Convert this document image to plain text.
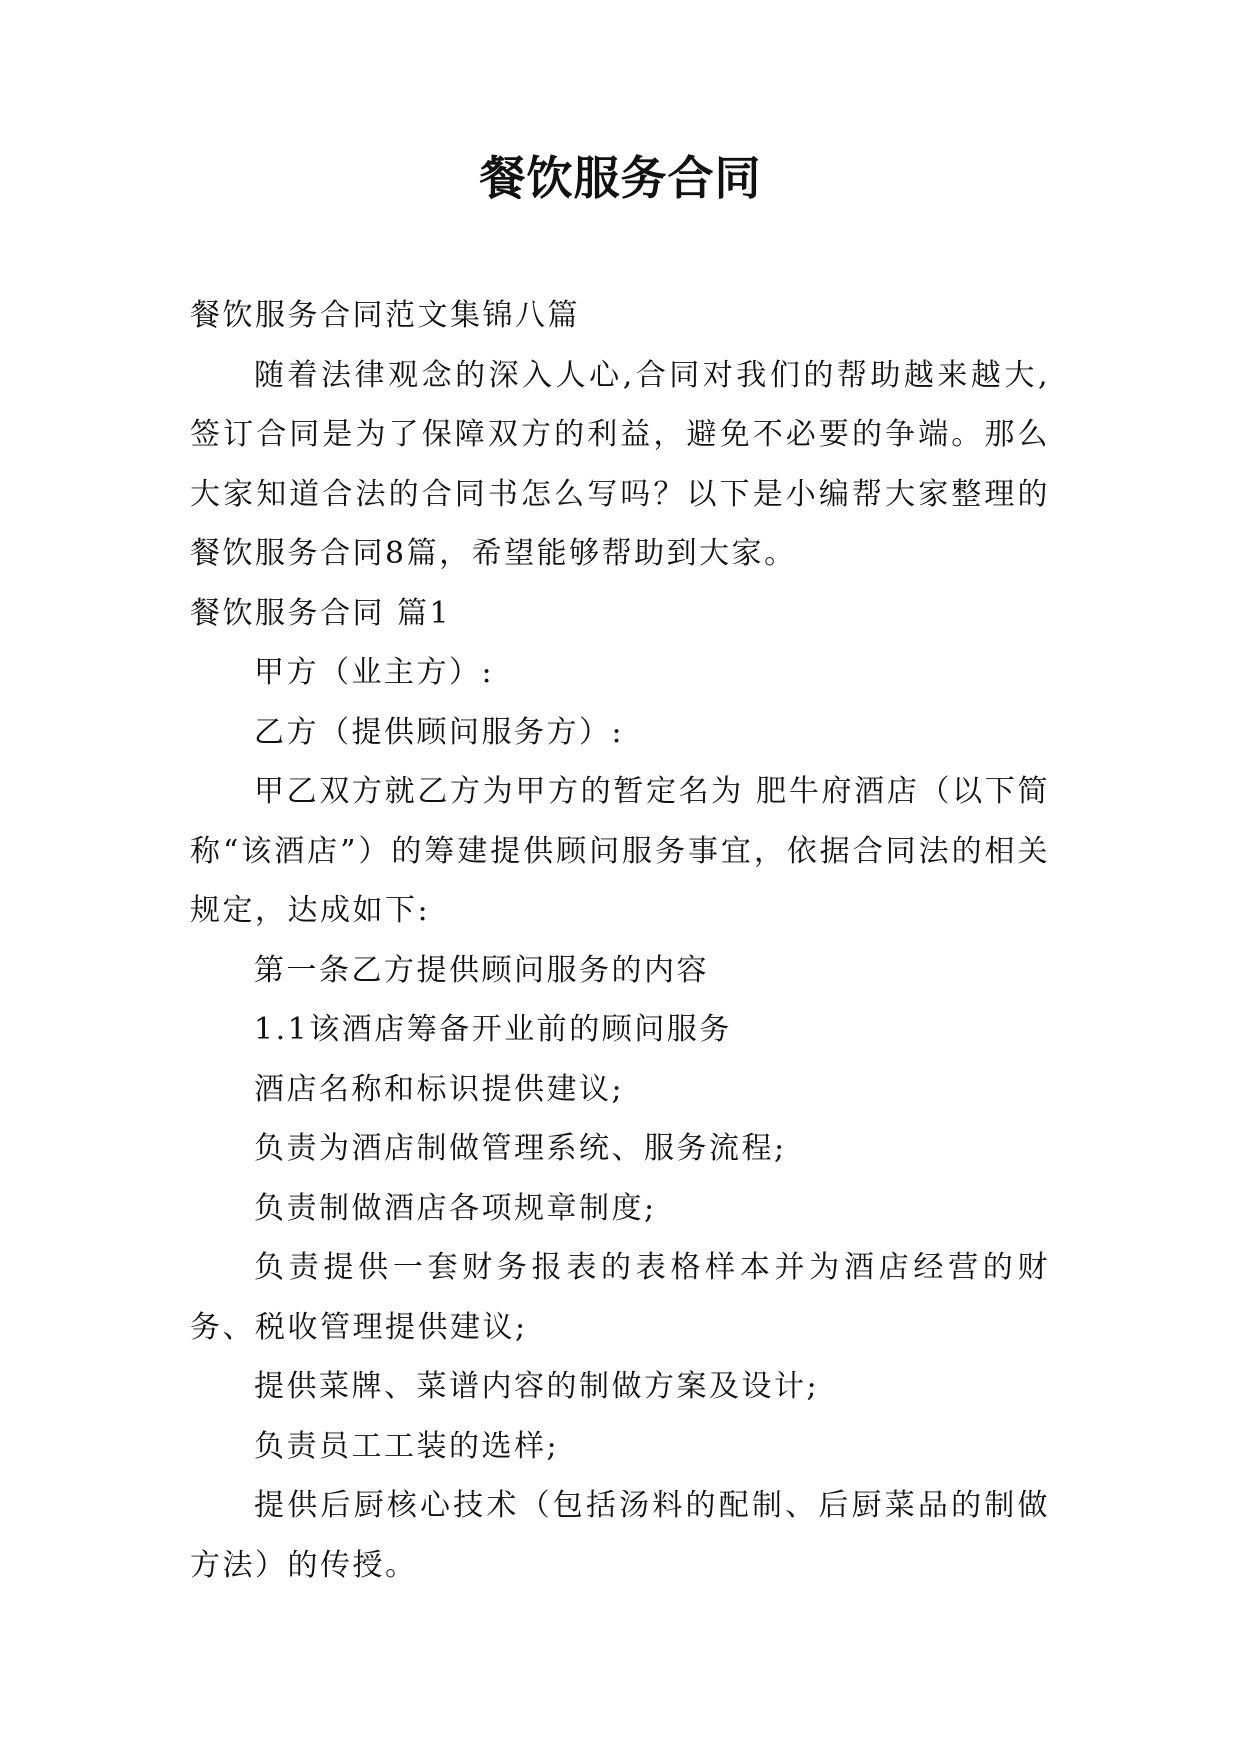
餐饮服务合同

餐饮服务合同范文集锦八篇

随着法律观念的深入人心,合同对我们的帮助越来越大,签订合同是为了保障双方的利益，避免不必要的争端。那么大家知道合法的合同书怎么写吗？以下是小编帮大家整理的餐饮服务合同8篇，希望能够帮助到大家。

餐饮服务合同 篇1

甲方（业主方）:

乙方（提供顾问服务方）:

甲乙双方就乙方为甲方的暂定名为 肥牛府酒店（以下简称“该酒店”）的筹建提供顾问服务事宜，依据合同法的相关规定，达成如下:

第一条乙方提供顾问服务的内容

1.1该酒店筹备开业前的顾问服务

酒店名称和标识提供建议;

负责为酒店制做管理系统、服务流程;

负责制做酒店各项规章制度;

负责提供一套财务报表的表格样本并为酒店经营的财务、税收管理提供建议;

提供菜牌、菜谱内容的制做方案及设计;

负责员工工装的选样;

提供后厨核心技术（包括汤料的配制、后厨菜品的制做方法）的传授。
